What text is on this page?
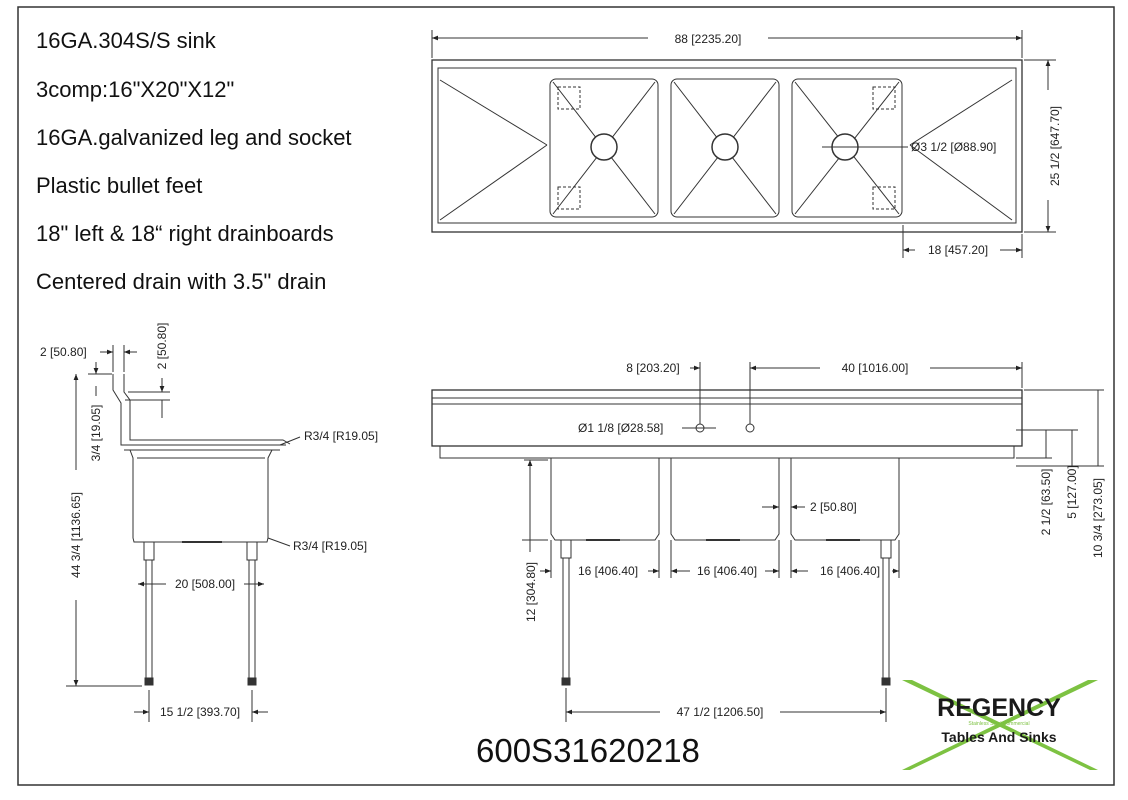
88 [2235.20]
25 1/2 [647.70]
Ø3 1/2 [Ø88.90]
18 [457.20]
2 [50.80]	2 [50.80]
3/4 [19.05]
44 3/4 [1136.65]
R3/4 [R19.05]
R3/4 [R19.05]
20 [508.00]
15 1/2 [393.70]
8 [203.20]	40 [1016.00]
Ø1 1/8 [Ø28.58]
2 [50.80]
12 [304.80]	16 [406.40]	16 [406.40]	16 [406.40]
47 1/2 [1206.50]
2 1/2 [63.50] 5 [127.00] 10 3/4 [273.05]
REGENCY
Stainless Steel Commercial
Tables And Sinks
16GA.304S/S sink
3comp:16"X20"X12"
16GA.galvanized leg and socket
Plastic bullet feet
18" left & 18“ right drainboards
Centered drain with 3.5" drain
600S31620218
